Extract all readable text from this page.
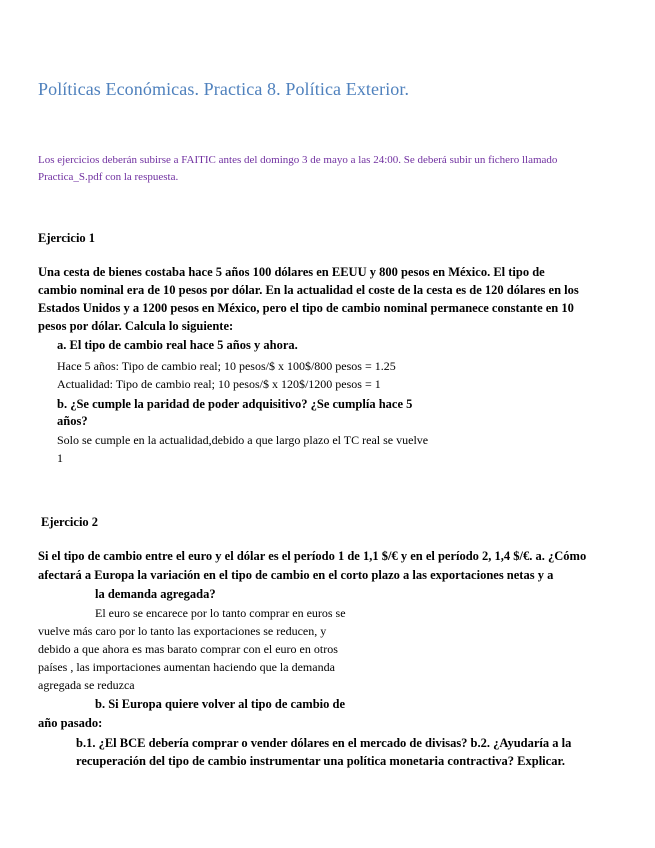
Políticas Económicas. Practica 8. Política Exterior.
Los ejercicios deberán subirse a FAITIC antes del domingo 3 de mayo a las 24:00. Se deberá subir un fichero llamado
Practica_S.pdf con la respuesta.
Ejercicio 1
Una cesta de bienes costaba hace 5 años 100 dólares en EEUU y 800 pesos en México. El tipo de
cambio nominal era de 10 pesos por dólar. En la actualidad el coste de la cesta es de 120 dólares en los
Estados Unidos y a 1200 pesos en México, pero el tipo de cambio nominal permanece constante en 10
pesos por dólar. Calcula lo siguiente:
a. El tipo de cambio real hace 5 años y ahora.
Hace 5 años: Tipo de cambio real; 10 pesos/$ x 100$/800 pesos = 1.25
Actualidad: Tipo de cambio real; 10 pesos/$ x 120$/1200 pesos = 1
b. ¿Se cumple la paridad de poder adquisitivo? ¿Se cumplía hace 5
años?
Solo se cumple en la actualidad,debido a que largo plazo el TC real se vuelve
1
Ejercicio 2
Si el tipo de cambio entre el euro y el dólar es el período 1 de 1,1 $/€ y en el período 2, 1,4 $/€. a. ¿Cómo
afectará a Europa la variación en el tipo de cambio en el corto plazo a las exportaciones netas y a
la demanda agregada?
El euro se encarece por lo tanto comprar en euros se
vuelve más caro por lo tanto las exportaciones se reducen, y
debido a que ahora es mas barato comprar con el euro en otros
países , las importaciones aumentan haciendo que la demanda
agregada se reduzca
b. Si Europa quiere volver al tipo de cambio de
año pasado:
b.1. ¿El BCE debería comprar o vender dólares en el mercado de divisas? b.2. ¿Ayudaría a la
recuperación del tipo de cambio instrumentar una política monetaria contractiva? Explicar.
